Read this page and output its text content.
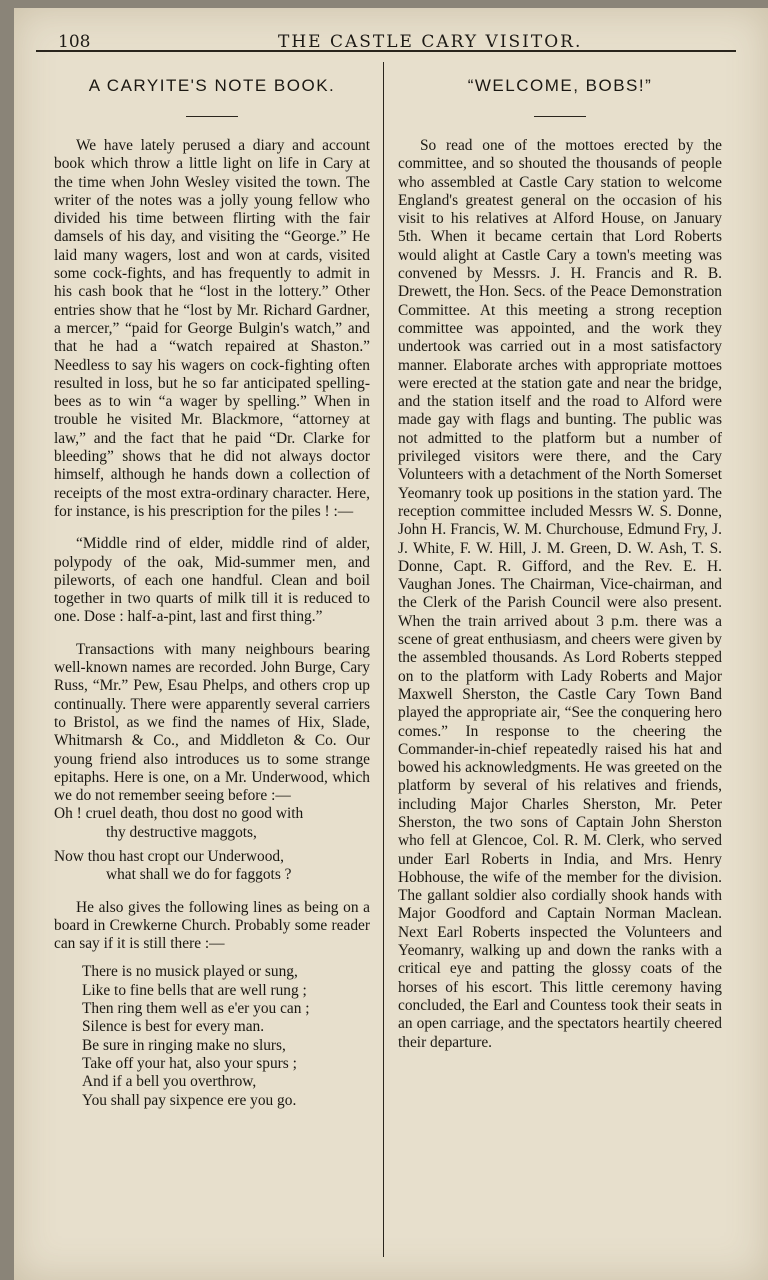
108	THE CASTLE CARY VISITOR.
A CARYITE'S NOTE BOOK.

We have lately perused a diary and account book which throw a little light on life in Cary at the time when John Wesley visited the town. The writer of the notes was a jolly young fellow who divided his time between flirting with the fair damsels of his day, and visiting the “George.” He laid many wagers, lost and won at cards, visited some cock-fights, and has frequently to admit in his cash book that he “lost in the lottery.” Other entries show that he “lost by Mr. Richard Gardner, a mercer,” “paid for George Bulgin's watch,” and that he had a “watch repaired at Shaston.” Needless to say his wagers on cock-fighting often resulted in loss, but he so far anticipated spelling-bees as to win “a wager by spelling.” When in trouble he visited Mr. Blackmore, “attorney at law,” and the fact that he paid “Dr. Clarke for bleeding” shows that he did not always doctor himself, although he hands down a collection of receipts of the most extra-ordinary character. Here, for instance, is his prescription for the piles ! :—

“Middle rind of elder, middle rind of alder, polypody of the oak, Mid-summer men, and pileworts, of each one handful. Clean and boil together in two quarts of milk till it is reduced to one. Dose : half-a-pint, last and first thing.”

Transactions with many neighbours bearing well-known names are recorded. John Burge, Cary Russ, “Mr.” Pew, Esau Phelps, and others crop up continually. There were apparently several carriers to Bristol, as we find the names of Hix, Slade, Whitmarsh & Co., and Middleton & Co. Our young friend also introduces us to some strange epitaphs. Here is one, on a Mr. Underwood, which we do not remember seeing before :—

Oh ! cruel death, thou dost no good with
thy destructive maggots,
Now thou hast cropt our Underwood,
what shall we do for faggots ?

He also gives the following lines as being on a board in Crewkerne Church. Probably some reader can say if it is still there :—

There is no musick played or sung,
Like to fine bells that are well rung ;
Then ring them well as e'er you can ;
Silence is best for every man.
Be sure in ringing make no slurs,
Take off your hat, also your spurs ;
And if a bell you overthrow,
You shall pay sixpence ere you go.
“WELCOME, BOBS!”

So read one of the mottoes erected by the committee, and so shouted the thousands of people who assembled at Castle Cary station to welcome England's greatest general on the occasion of his visit to his relatives at Alford House, on January 5th. When it became certain that Lord Roberts would alight at Castle Cary a town's meeting was convened by Messrs. J. H. Francis and R. B. Drewett, the Hon. Secs. of the Peace Demonstration Committee. At this meeting a strong reception committee was appointed, and the work they undertook was carried out in a most satisfactory manner. Elaborate arches with appropriate mottoes were erected at the station gate and near the bridge, and the station itself and the road to Alford were made gay with flags and bunting. The public was not admitted to the platform but a number of privileged visitors were there, and the Cary Volunteers with a detachment of the North Somerset Yeomanry took up positions in the station yard. The reception committee included Messrs W. S. Donne, John H. Francis, W. M. Churchouse, Edmund Fry, J. J. White, F. W. Hill, J. M. Green, D. W. Ash, T. S. Donne, Capt. R. Gifford, and the Rev. E. H. Vaughan Jones. The Chairman, Vice-chairman, and the Clerk of the Parish Council were also present. When the train arrived about 3 p.m. there was a scene of great enthusiasm, and cheers were given by the assembled thousands. As Lord Roberts stepped on to the platform with Lady Roberts and Major Maxwell Sherston, the Castle Cary Town Band played the appropriate air, “See the conquering hero comes.” In response to the cheering the Commander-in-chief repeatedly raised his hat and bowed his acknowledgments. He was greeted on the platform by several of his relatives and friends, including Major Charles Sherston, Mr. Peter Sherston, the two sons of Captain John Sherston who fell at Glencoe, Col. R. M. Clerk, who served under Earl Roberts in India, and Mrs. Henry Hobhouse, the wife of the member for the division. The gallant soldier also cordially shook hands with Major Goodford and Captain Norman Maclean. Next Earl Roberts inspected the Volunteers and Yeomanry, walking up and down the ranks with a critical eye and patting the glossy coats of the horses of his escort. This little ceremony having concluded, the Earl and Countess took their seats in an open carriage, and the spectators heartily cheered their departure.
